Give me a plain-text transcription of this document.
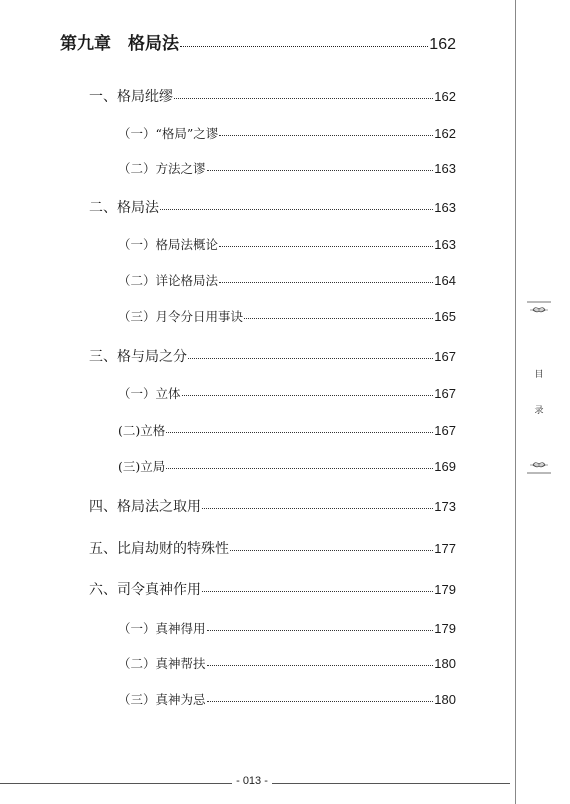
第九章　格局法	162
一、格局纰缪	162
（一）“格局”之谬	162
（二）方法之谬	163
二、格局法	163
（一）格局法概论	163
（二）详论格局法	164
（三）月令分日用事诀	165
三、格与局之分	167
（一）立体	167
(二)立格	167
(三)立局	169
四、格局法之取用	173
五、比肩劫财的特殊性	177
六、司令真神作用	179
（一）真神得用	179
（二）真神帮扶	180
（三）真神为忌	180
- 013 -
目
录
